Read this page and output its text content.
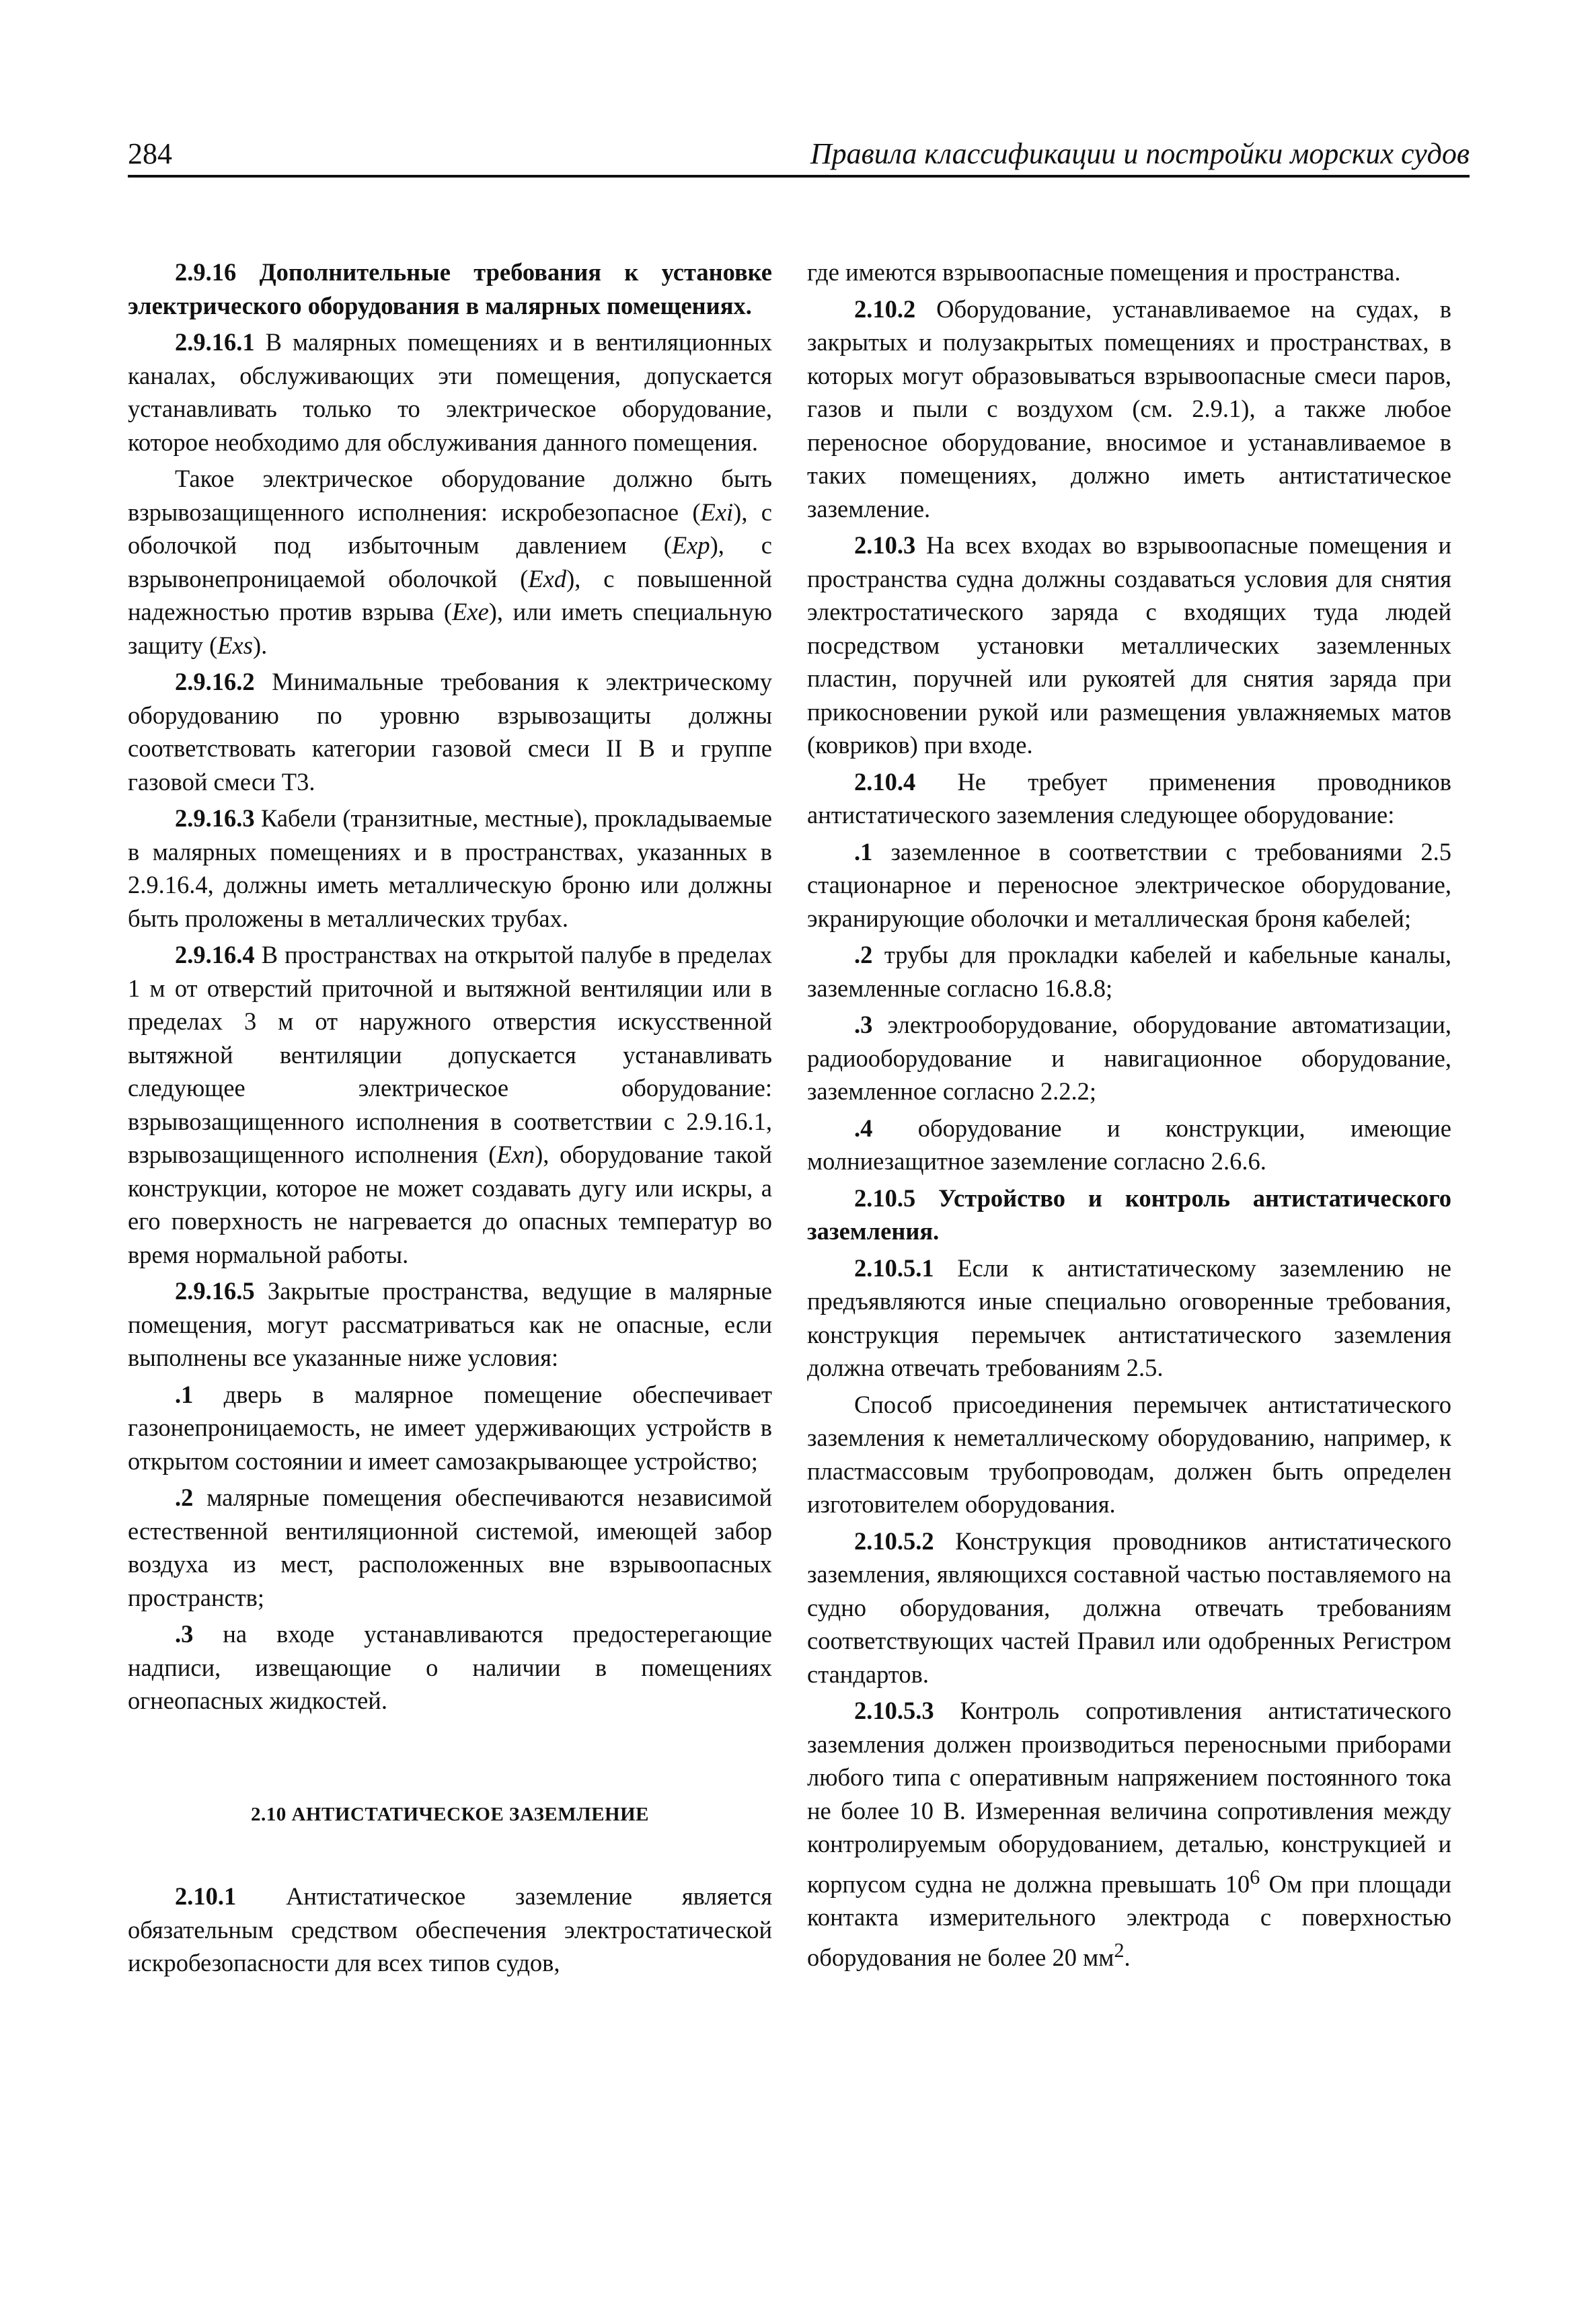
284	Правила классификации и постройки морских судов

2.9.16 Дополнительные требования к установке электрического оборудования в малярных помещениях.

2.9.16.1 В малярных помещениях и в вентиляционных каналах, обслуживающих эти помещения, допускается устанавливать только то электрическое оборудование, которое необходимо для обслуживания данного помещения.

Такое электрическое оборудование должно быть взрывозащищенного исполнения: искробезопасное (Exi), с оболочкой под избыточным давлением (Exp), с взрывонепроницаемой оболочкой (Exd), с повышенной надежностью против взрыва (Exe), или иметь специальную защиту (Exs).

2.9.16.2 Минимальные требования к электрическому оборудованию по уровню взрывозащиты должны соответствовать категории газовой смеси II В и группе газовой смеси Т3.

2.9.16.3 Кабели (транзитные, местные), прокладываемые в малярных помещениях и в пространствах, указанных в 2.9.16.4, должны иметь металлическую броню или должны быть проложены в металлических трубах.

2.9.16.4 В пространствах на открытой палубе в пределах 1 м от отверстий приточной и вытяжной вентиляции или в пределах 3 м от наружного отверстия искусственной вытяжной вентиляции допускается устанавливать следующее электрическое оборудование: взрывозащищенного исполнения в соответствии с 2.9.16.1, взрывозащищенного исполнения (Exn), оборудование такой конструкции, которое не может создавать дугу или искры, а его поверхность не нагревается до опасных температур во время нормальной работы.

2.9.16.5 Закрытые пространства, ведущие в малярные помещения, могут рассматриваться как не опасные, если выполнены все указанные ниже условия:

.1 дверь в малярное помещение обеспечивает газонепроницаемость, не имеет удерживающих устройств в открытом состоянии и имеет самозакрывающее устройство;

.2 малярные помещения обеспечиваются независимой естественной вентиляционной системой, имеющей забор воздуха из мест, расположенных вне взрывоопасных пространств;

.3 на входе устанавливаются предостерегающие надписи, извещающие о наличии в помещениях огнеопасных жидкостей.

2.10 АНТИСТАТИЧЕСКОЕ ЗАЗЕМЛЕНИЕ

2.10.1 Антистатическое заземление является обязательным средством обеспечения электростатической искробезопасности для всех типов судов,

где имеются взрывоопасные помещения и пространства.

2.10.2 Оборудование, устанавливаемое на судах, в закрытых и полузакрытых помещениях и пространствах, в которых могут образовываться взрывоопасные смеси паров, газов и пыли с воздухом (см. 2.9.1), а также любое переносное оборудование, вносимое и устанавливаемое в таких помещениях, должно иметь антистатическое заземление.

2.10.3 На всех входах во взрывоопасные помещения и пространства судна должны создаваться условия для снятия электростатического заряда с входящих туда людей посредством установки металлических заземленных пластин, поручней или рукоятей для снятия заряда при прикосновении рукой или размещения увлажняемых матов (ковриков) при входе.

2.10.4 Не требует применения проводников антистатического заземления следующее оборудование:

.1 заземленное в соответствии с требованиями 2.5 стационарное и переносное электрическое оборудование, экранирующие оболочки и металлическая броня кабелей;

.2 трубы для прокладки кабелей и кабельные каналы, заземленные согласно 16.8.8;

.3 электрооборудование, оборудование автоматизации, радиооборудование и навигационное оборудование, заземленное согласно 2.2.2;

.4 оборудование и конструкции, имеющие молниезащитное заземление согласно 2.6.6.

2.10.5 Устройство и контроль антистатического заземления.

2.10.5.1 Если к антистатическому заземлению не предъявляются иные специально оговоренные требования, конструкция перемычек антистатического заземления должна отвечать требованиям 2.5.

Способ присоединения перемычек антистатического заземления к неметаллическому оборудованию, например, к пластмассовым трубопроводам, должен быть определен изготовителем оборудования.

2.10.5.2 Конструкция проводников антистатического заземления, являющихся составной частью поставляемого на судно оборудования, должна отвечать требованиям соответствующих частей Правил или одобренных Регистром стандартов.

2.10.5.3 Контроль сопротивления антистатического заземления должен производиться переносными приборами любого типа с оперативным напряжением постоянного тока не более 10 В. Измеренная величина сопротивления между контролируемым оборудованием, деталью, конструкцией и корпусом судна не должна превышать $10^6$ Ом при площади контакта измерительного электрода с поверхностью оборудования не более 20 $мм^2$.
